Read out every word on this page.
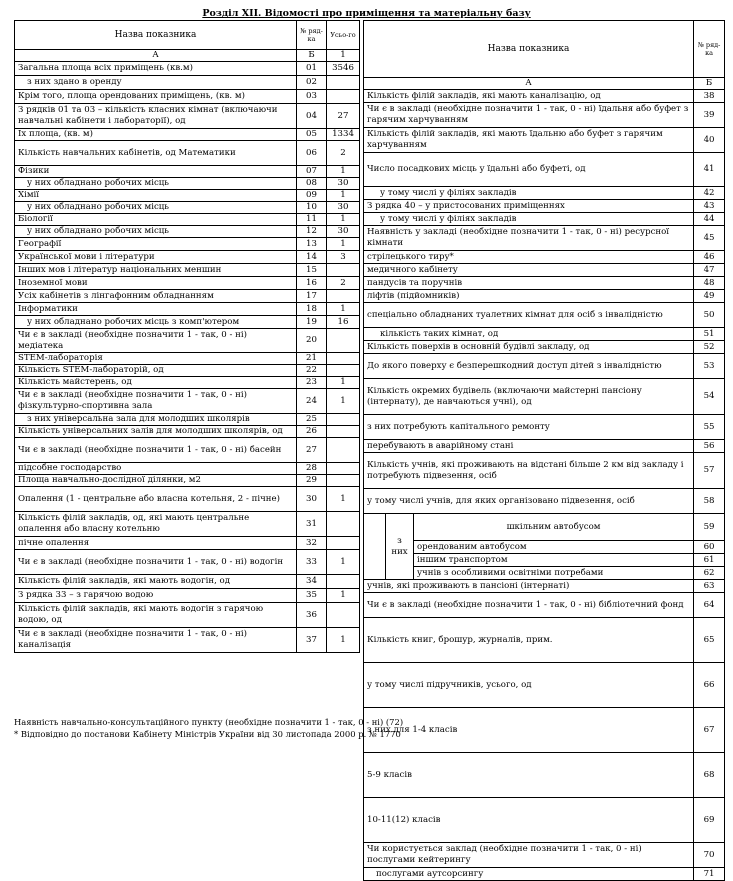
Розділ XII. Відомості про приміщення та матеріальну базу
Назва показника	№ ряд-ка	Усьо-го
А	Б	1
Загальна площа всіх приміщень (кв.м)	01	3546
з них здано в оренду	02	
Крім того, площа орендованих приміщень, (кв. м)	03	
З рядків 01 та 03 – кількість класних кімнат (включаючи навчальні кабінети і лабораторії), од	04	27
Їх площа, (кв. м)	05	1334
Кількість навчальних кабінетів, од Математики	06	2
Фізики	07	1
у них обладнано робочих місць	08	30
Хімії	09	1
у них обладнано робочих місць	10	30
Біології	11	1
у них обладнано робочих місць	12	30
Географії	13	1
Української мови і літератури	14	3
Інших мов і літератур національних меншин	15	
Іноземної мови	16	2
Усіх кабінетів з лінгафонним обладнанням	17	
Інформатики	18	1
у них обладнано робочих місць з комп'ютером	19	16
Чи є в закладі (необхідне позначити 1 - так, 0 - ні) медіатека	20	
STEM-лабораторія	21	
Кількість STEM-лабораторій, од	22	
Кількість майстерень, од	23	1
Чи є в закладі (необхідне позначити 1 - так, 0 - ні) фізкультурно-спортивна зала	24	1
з них універсальна зала для молодших школярів	25	
Кількість універсальних залів для молодших школярів, од	26	
Чи є в закладі (необхідне позначити 1 - так, 0 - ні) басейн	27	
підсобне господарство	28	
Площа навчально-дослідної ділянки, м2	29	
Опалення (1 - центральне або власна котельня, 2 - пічне)	30	1
Кількість філій закладів, од, які мають центральне опалення або власну котельню	31	
пічне опалення	32	
Чи є в закладі (необхідне позначити 1 - так, 0 - ні) водогін	33	1
Кількість філій закладів, які мають водогін, од	34	
З рядка 33 – з гарячою водою	35	1
Кількість філій закладів, які мають водогін з гарячою водою, од	36	
Чи є в закладі (необхідне позначити 1 - так, 0 - ні) каналізація	37	1
Назва показника			№ ряд-ка	
А			Б	
Кількість філій закладів, які мають каналізацію, од			38	
Чи є в закладі (необхідне позначити 1 - так, 0 - ні) їдальня або буфет з гарячим харчуванням			39	
Кількість філій закладів, які мають їдальню або буфет з гарячим харчуванням			40	
Число посадкових місць у їдальні або буфеті, од			41	
у тому числі у філіях закладів			42	
З рядка 40 – у пристосованих приміщеннях			43	
у тому числі у філіях закладів			44	
Наявність у закладі (необхідне позначити 1 - так, 0 - ні) ресурсної кімнати			45	
стрілецького тиру*			46	
медичного кабінету			47	
пандусів та поручнів			48	
ліфтів (підйомників)			49	
спеціально обладнаних туалетних кімнат для осіб з інвалідністю			50	
кількість таких кімнат, од			51	
Кількість поверхів в основній будівлі закладу, од			52	
До якого поверху є безперешкодний доступ дітей з інвалідністю			53	
Кількість окремих будівель (включаючи майстерні пансіону (інтернату), де навчаються учні), од			54	
з них потребують капітального ремонту			55	
перебувають в аварійному стані			56	
Кількість учнів, які проживають на відстані більше 2 км від закладу і потребують підвезення, осіб			57	
у тому числі учнів, для яких організовано підвезення, осіб			58	
	з них	шкільним автобусом	59	
		орендованим автобусом	60	
		іншим транспортом	61	
		учнів з особливими освітніми потребами	62	
учнів, які проживають в пансіоні (інтернаті)			63	
Чи є в закладі (необхідне позначити 1 - так, 0 - ні) бібліотечний фонд			64	
Кількість книг, брошур, журналів, прим.			65	
у тому числі підручників, усього, од			66	
з них для 1-4 класів			67	
5-9 класів			68	
10-11(12) класів			69	
Чи користується заклад (необхідне позначити 1 - так, 0 - ні) послугами кейтерингу			70	
послугами аутсорсингу			71	
Наявність навчально-консультаційного пункту (необхідне позначити 1 - так, 0 - ні) (72)
* Відповідно до постанови Кабінету Міністрів України від 30 листопада 2000 р. № 1770
